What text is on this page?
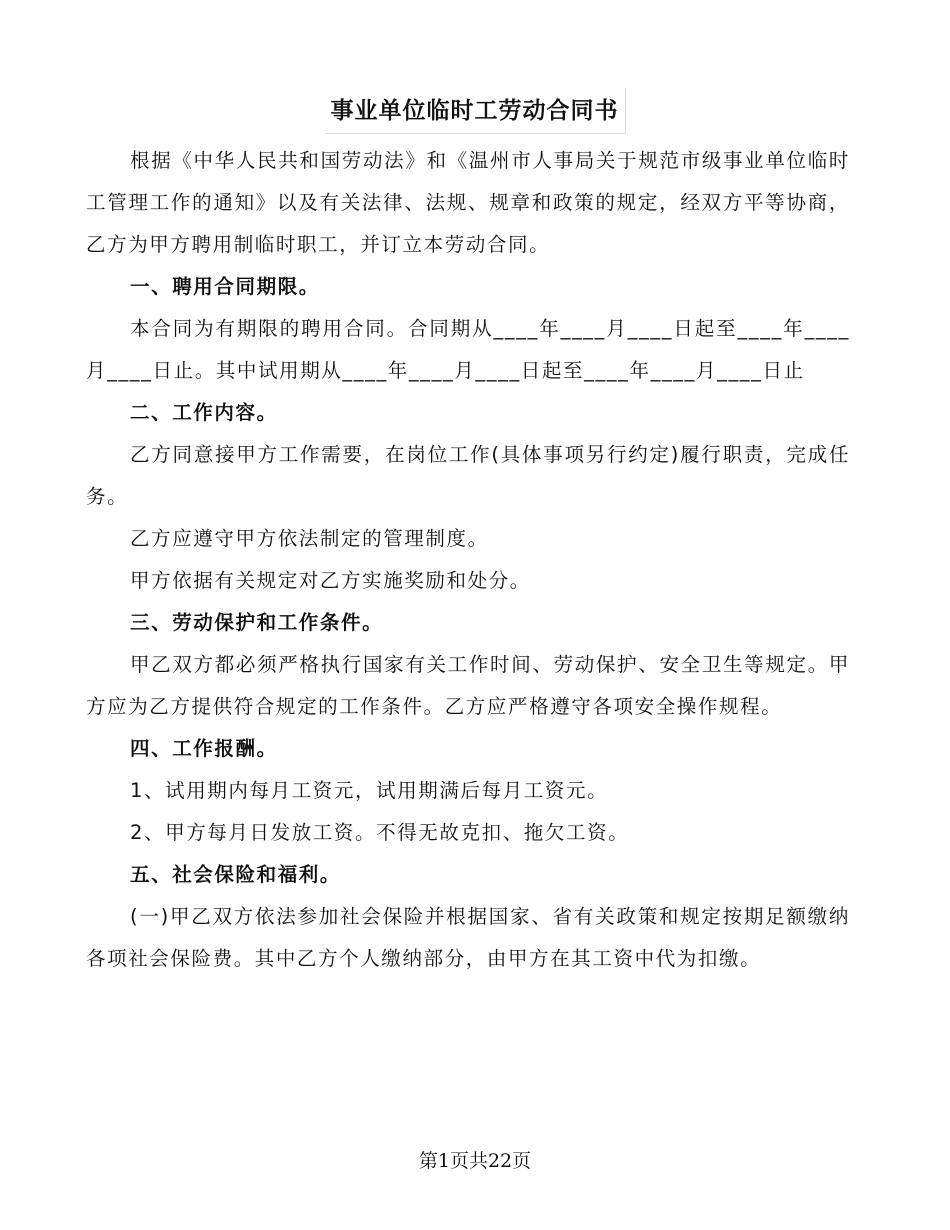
事业单位临时工劳动合同书

根据《中华人民共和国劳动法》和《温州市人事局关于规范市级事业单位临时工管理工作的通知》以及有关法律、法规、规章和政策的规定，经双方平等协商，乙方为甲方聘用制临时职工，并订立本劳动合同。

一、聘用合同期限。

本合同为有期限的聘用合同。合同期从____年____月____日起至____年____月____日止。其中试用期从____年____月____日起至____年____月____日止

二、工作内容。

乙方同意接甲方工作需要，在岗位工作(具体事项另行约定)履行职责，完成任务。

乙方应遵守甲方依法制定的管理制度。

甲方依据有关规定对乙方实施奖励和处分。

三、劳动保护和工作条件。

甲乙双方都必须严格执行国家有关工作时间、劳动保护、安全卫生等规定。甲方应为乙方提供符合规定的工作条件。乙方应严格遵守各项安全操作规程。

四、工作报酬。

1、试用期内每月工资元，试用期满后每月工资元。

2、甲方每月日发放工资。不得无故克扣、拖欠工资。

五、社会保险和福利。

(一)甲乙双方依法参加社会保险并根据国家、省有关政策和规定按期足额缴纳各项社会保险费。其中乙方个人缴纳部分，由甲方在其工资中代为扣缴。

第1页共22页
